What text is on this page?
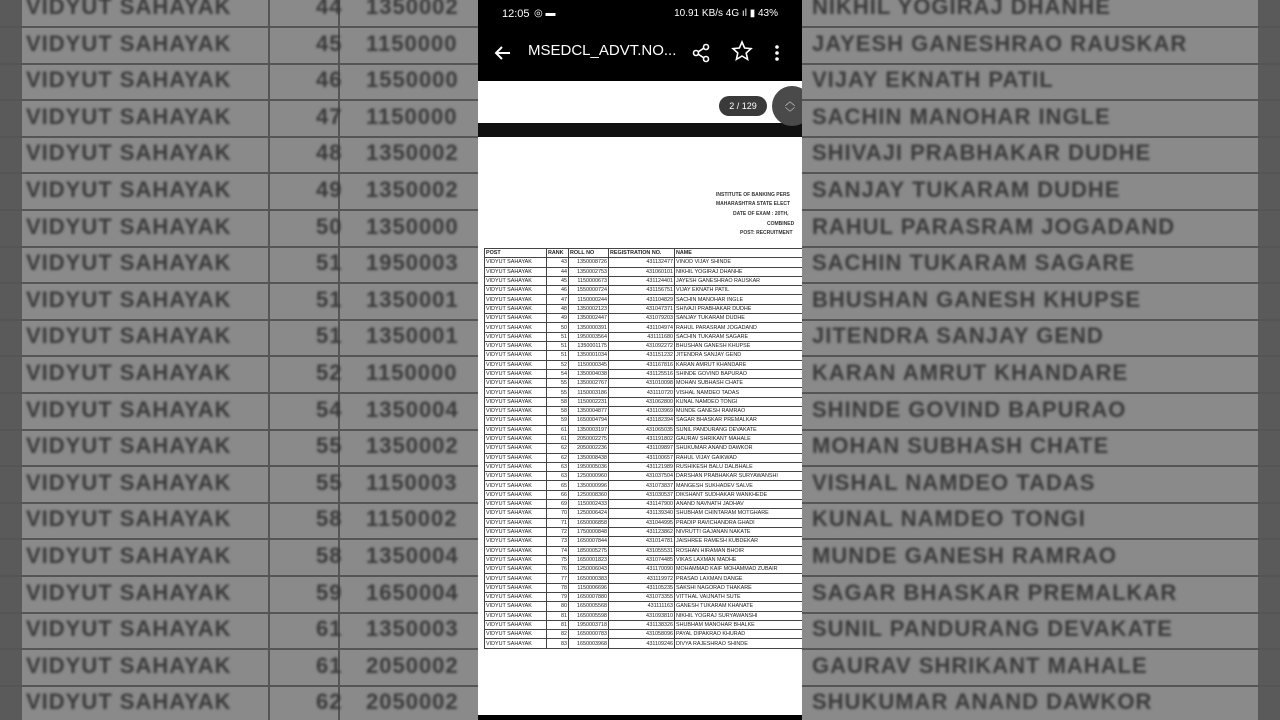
VIDYUT SAHAYAK	44 1350002	NIKHIL YOGIRAJ DHANHE
VIDYUT SAHAYAK	45 1150000	JAYESH GANESHRAO RAUSKAR
VIDYUT SAHAYAK	46 1550000	VIJAY EKNATH PATIL
VIDYUT SAHAYAK	47 1150000	SACHIN MANOHAR INGLE
VIDYUT SAHAYAK	48 1350002	SHIVAJI PRABHAKAR DUDHE
VIDYUT SAHAYAK	49 1350002	SANJAY TUKARAM DUDHE
VIDYUT SAHAYAK	50 1350000	RAHUL PARASRAM JOGADAND
VIDYUT SAHAYAK	51 1950003	SACHIN TUKARAM SAGARE
VIDYUT SAHAYAK	51 1350001	BHUSHAN GANESH KHUPSE
VIDYUT SAHAYAK	51 1350001	JITENDRA SANJAY GEND
VIDYUT SAHAYAK	52 1150000	KARAN AMRUT KHANDARE
VIDYUT SAHAYAK	54 1350004	SHINDE GOVIND BAPURAO
VIDYUT SAHAYAK	55 1350002	MOHAN SUBHASH CHATE
VIDYUT SAHAYAK	55 1150003	VISHAL NAMDEO TADAS
VIDYUT SAHAYAK	58 1150002	KUNAL NAMDEO TONGI
VIDYUT SAHAYAK	58 1350004	MUNDE GANESH RAMRAO
VIDYUT SAHAYAK	59 1650004	SAGAR BHASKAR PREMALKAR
VIDYUT SAHAYAK	61 1350003	SUNIL PANDURANG DEVAKATE
VIDYUT SAHAYAK	61 2050002	GAURAV SHRIKANT MAHALE
VIDYUT SAHAYAK	62 2050002	SHUKUMAR ANAND DAWKOR
12:05 ◎ ▬	10.91 KB/s 4G ıl ▮ 43%
MSEDCL_ADVT.NO...
INSTITUTE OF BANKING PERS
MAHARASHTRA STATE ELECT
DATE OF EXAM : 20TH,
COMBINED
POST: RECRUITMENT
POST	RANK	ROLL NO	REGISTRATION NO.	NAME
VIDYUT SAHAYAK	43	1350008726	431132477	VINOD VIJAY SHINDE
VIDYUT SAHAYAK	44	1350002753	431060101	NIKHIL YOGIRAJ DHANHE
VIDYUT SAHAYAK	45	1150000673	431124401	JAYESH GANESHRAO RAUSKAR
VIDYUT SAHAYAK	46	1550000724	431156751	VIJAY EKNATH PATIL
VIDYUT SAHAYAK	47	1150000244	431104829	SACHIN MANOHAR INGLE
VIDYUT SAHAYAK	48	1350002123	431047371	SHIVAJI PRABHAKAR DUDHE
VIDYUT SAHAYAK	49	1350002447	431079203	SANJAY TUKARAM DUDHE
VIDYUT SAHAYAK	50	1350000391	431104974	RAHUL PARASRAM JOGADAND
VIDYUT SAHAYAK	51	1950003564	431111680	SACHIN TUKARAM SAGARE
VIDYUT SAHAYAK	51	1350001175	431092272	BHUSHAN GANESH KHUPSE
VIDYUT SAHAYAK	51	1350001034	431151232	JITENDRA SANJAY GEND
VIDYUT SAHAYAK	52	1150000345	431167816	KARAN AMRUT KHANDARE
VIDYUT SAHAYAK	54	1350004038	431125516	SHINDE GOVIND BAPURAO
VIDYUT SAHAYAK	55	1350002767	431010098	MOHAN SUBHASH CHATE
VIDYUT SAHAYAK	55	1150003186	431110720	VISHAL NAMDEO TADAS
VIDYUT SAHAYAK	58	1150002231	431062800	KUNAL NAMDEO TONGI
VIDYUT SAHAYAK	58	1350004877	431103969	MUNDE GANESH RAMRAO
VIDYUT SAHAYAK	59	1650004794	431182394	SAGAR BHASKAR PREMALKAR
VIDYUT SAHAYAK	61	1350003197	431065035	SUNIL PANDURANG DEVAKATE
VIDYUT SAHAYAK	61	2050002275	431191802	GAURAV SHRIKANT MAHALE
VIDYUT SAHAYAK	62	2050002236	431109897	SHUKUMAR ANAND DAWKOR
VIDYUT SAHAYAK	62	1350008438	431100657	RAHUL VIJAY GAIKWAD
VIDYUT SAHAYAK	63	1950005036	431121989	RUSHIKESH BALU DALBHALE
VIDYUT SAHAYAK	63	1250000960	431037504	DARSHAN PRABHAKAR SURYAWANSHI
VIDYUT SAHAYAK	65	1350000996	431073837	MANGESH SUKHADEV SALVE
VIDYUT SAHAYAK	66	1250008360	431030537	DIKSHANT SUDHAKAR WANKHEDE
VIDYUT SAHAYAK	69	1150002433	431147900	ANAND NAVNATH JADHAV
VIDYUT SAHAYAK	70	1250006424	431139340	SHUBHAM CHINTARAM MOTGHARE
VIDYUT SAHAYAK	71	1650006858	431044995	PRADIP RAVICHANDRA GHADI
VIDYUT SAHAYAK	72	1750000848	431123862	NIVRUTTI GAJANAN NAKATE
VIDYUT SAHAYAK	73	1650007844	431014781	JAISHREE RAMESH KUBDEKAR
VIDYUT SAHAYAK	74	1850005275	431055531	ROSHAN HIRAMAN BHOIR
VIDYUT SAHAYAK	75	1650001823	431074485	VIKAS LAXMAN MADHE
VIDYUT SAHAYAK	76	1250006043	431170090	MOHAMMAD KAIF MOHAMMAD ZUBAIR
VIDYUT SAHAYAK	77	1650000383	431119972	PRASAD LAXMAN DANGE
VIDYUT SAHAYAK	78	1150006696	431105235	SAKSHI NAGORAO THAKARE
VIDYUT SAHAYAK	79	1650007880	431073355	VITTHAL VAIJNATH SUTE
VIDYUT SAHAYAK	80	1650005568	431111163	GANESH TUKARAM KHANATE
VIDYUT SAHAYAK	81	1650005598	431093810	NIKHIL YOGRAJ SURYAWANSHI
VIDYUT SAHAYAK	81	1950003718	431138326	SHUBHAM MANOHAR BHALKE
VIDYUT SAHAYAK	82	1650000783	431058096	PAYAL DIPAKRAO KHURAD
VIDYUT SAHAYAK	83	1650003968	431109246	DIVYA RAJESHRAO SHINDE
2 / 129	︿
﹀
